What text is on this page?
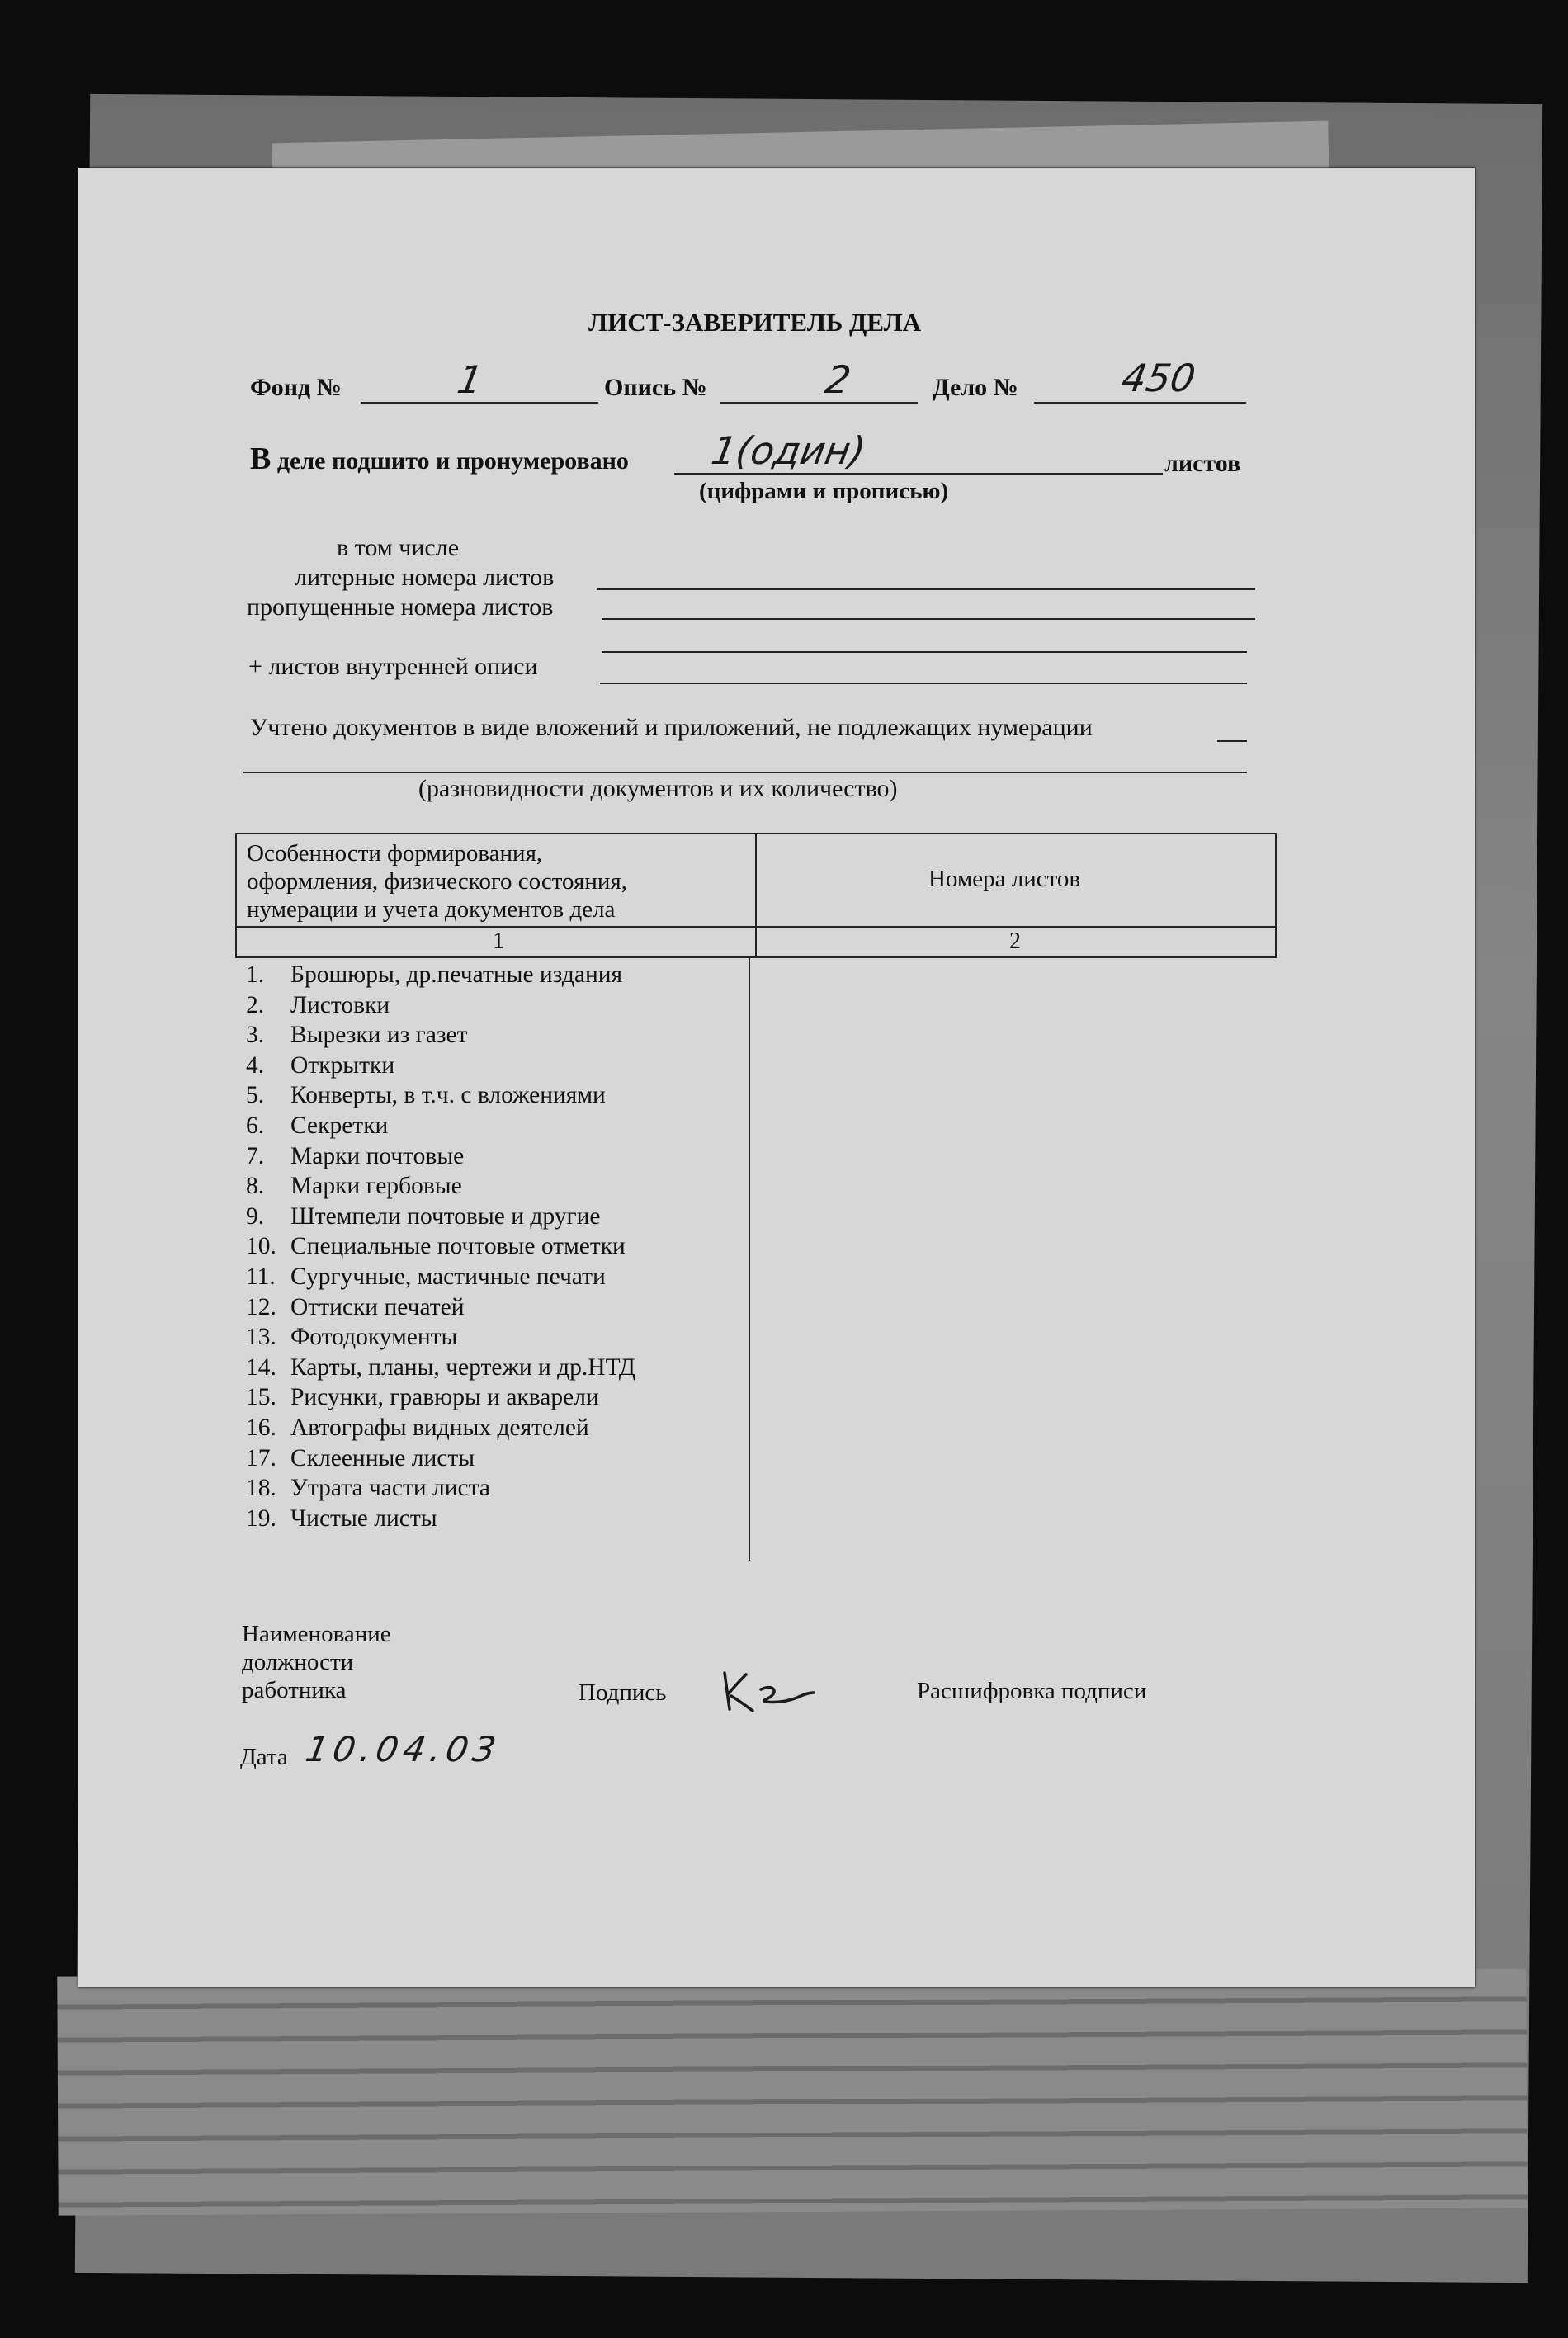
ЛИСТ-ЗАВЕРИТЕЛЬ ДЕЛА
Фонд №	1	Опись №	2	Дело №	450
В деле подшито и пронумеровано 1(один)	листов
(цифрами и прописью)
в том числе
литерные номера листов
пропущенные номера листов
+ листов внутренней описи
Учтено документов в виде вложений и приложений, не подлежащих нумерации
(разновидности документов и их количество)
Особенности формирования,
оформления, физического состояния,
нумерации и учета документов дела
Номера листов
1	2
1. Брошюры, др.печатные издания
2. Листовки
3. Вырезки из газет
4. Открытки
5. Конверты, в т.ч. с вложениями
6. Секретки
7. Марки почтовые
8. Марки гербовые
9. Штемпели почтовые и другие
10. Специальные почтовые отметки
11. Сургучные, мастичные печати
12. Оттиски печатей
13. Фотодокументы
14. Карты, планы, чертежи и др.НТД
15. Рисунки, гравюры и акварели
16. Автографы видных деятелей
17. Склеенные листы
18. Утрата части листа
19. Чистые листы
Наименование
должности
работника	Подпись	Расшифровка подписи
Дата 10.04.03
